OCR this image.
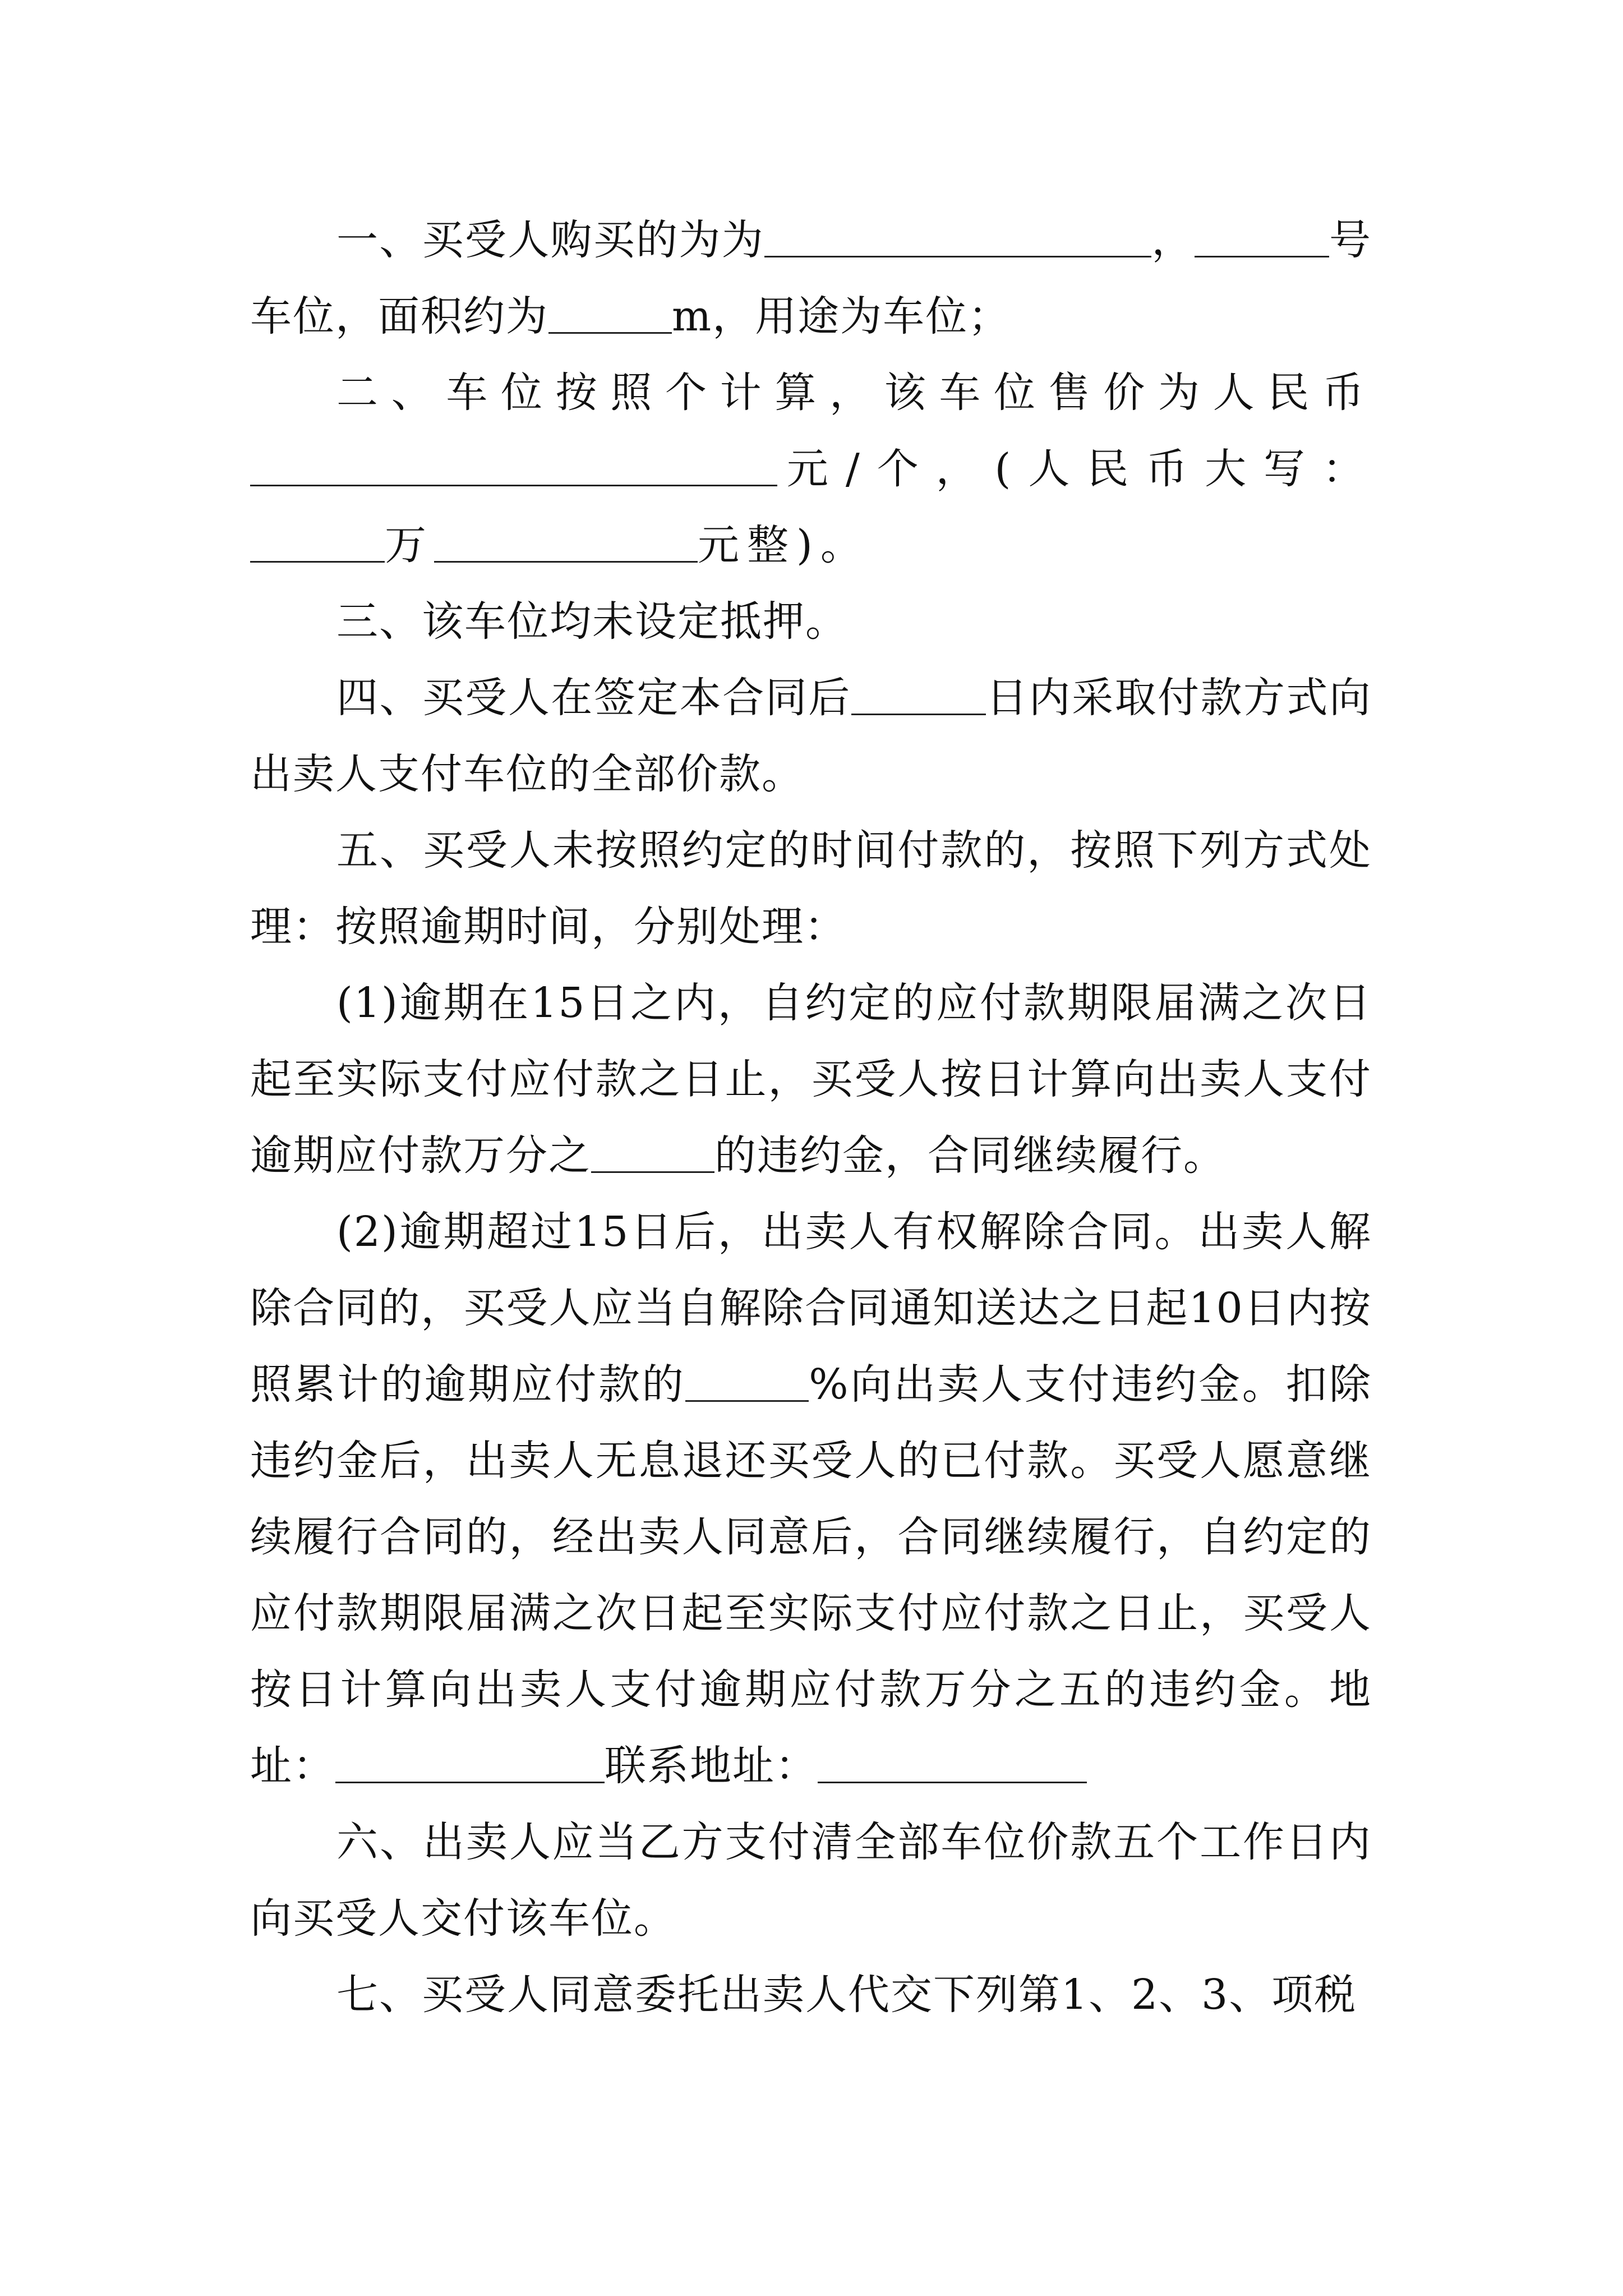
一、买受人购买的为为	，	号车位，面积约为	m，用途为车位；

二、车位按照个计算，该车位售价为人民币元/个，(人民币大写：万	元整)。

三、该车位均未设定抵押。

四、买受人在签定本合同后	日内采取付款方式向出卖人支付车位的全部价款。

五、买受人未按照约定的时间付款的，按照下列方式处理：按照逾期时间，分别处理：

(1)逾期在15日之内，自约定的应付款期限届满之次日起至实际支付应付款之日止，买受人按日计算向出卖人支付逾期应付款万分之	的违约金，合同继续履行。

(2)逾期超过15日后，出卖人有权解除合同。出卖人解除合同的，买受人应当自解除合同通知送达之日起10日内按照累计的逾期应付款的	%向出卖人支付违约金。扣除违约金后，出卖人无息退还买受人的已付款。买受人愿意继续履行合同的，经出卖人同意后，合同继续履行，自约定的应付款期限届满之次日起至实际支付应付款之日止，买受人按日计算向出卖人支付逾期应付款万分之五的违约金。地址：	联系地址：

六、出卖人应当乙方支付清全部车位价款五个工作日内向买受人交付该车位。

七、买受人同意委托出卖人代交下列第1、2、3、项税
